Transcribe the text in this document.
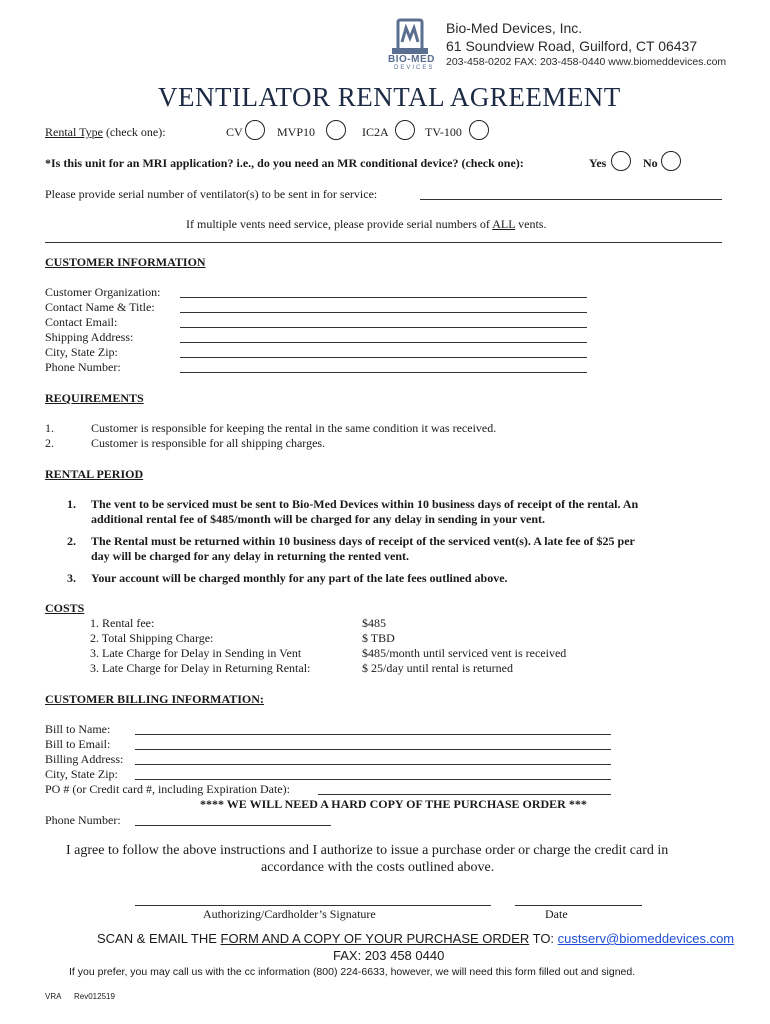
BIO-MED
DEVICES
Bio-Med Devices, Inc.
61 Soundview Road, Guilford, CT 06437
203-458-0202 FAX: 203-458-0440 www.biomeddevices.com
VENTILATOR RENTAL AGREEMENT
Rental Type (check one):	CV	MVP10	IC2A	TV-100
*Is this unit for an MRI application? i.e., do you need an MR conditional device? (check one):	Yes	No
Please provide serial number of ventilator(s) to be sent in for service:
If multiple vents need service, please provide serial numbers of ALL vents.
CUSTOMER INFORMATION
Customer Organization:
Contact Name & Title:
Contact Email:
Shipping Address:
City, State Zip:
Phone Number:
REQUIREMENTS
1.	Customer is responsible for keeping the rental in the same condition it was received.
2.	Customer is responsible for all shipping charges.
RENTAL PERIOD
1. The vent to be serviced must be sent to Bio-Med Devices within 10 business days of receipt of the rental. An
additional rental fee of $485/month will be charged for any delay in sending in your vent.
2. The Rental must be returned within 10 business days of receipt of the serviced vent(s). A late fee of $25 per
day will be charged for any delay in returning the rented vent.
3. Your account will be charged monthly for any part of the late fees outlined above.
COSTS
1. Rental fee:	$485
2. Total Shipping Charge:	$ TBD
3. Late Charge for Delay in Sending in Vent	$485/month until serviced vent is received
3. Late Charge for Delay in Returning Rental:	$ 25/day until rental is returned
CUSTOMER BILLING INFORMATION:
Bill to Name:
Bill to Email:
Billing Address:
City, State Zip:
PO # (or Credit card #, including Expiration Date):
**** WE WILL NEED A HARD COPY OF THE PURCHASE ORDER ***
Phone Number:
I agree to follow the above instructions and I authorize to issue a purchase order or charge the credit card in
accordance with the costs outlined above.
Authorizing/Cardholder’s Signature	Date
SCAN & EMAIL THE FORM AND A COPY OF YOUR PURCHASE ORDER TO: custserv@biomeddevices.com
FAX: 203 458 0440
If you prefer, you may call us with the cc information (800) 224-6633, however, we will need this form filled out and signed.
VRA Rev012519
